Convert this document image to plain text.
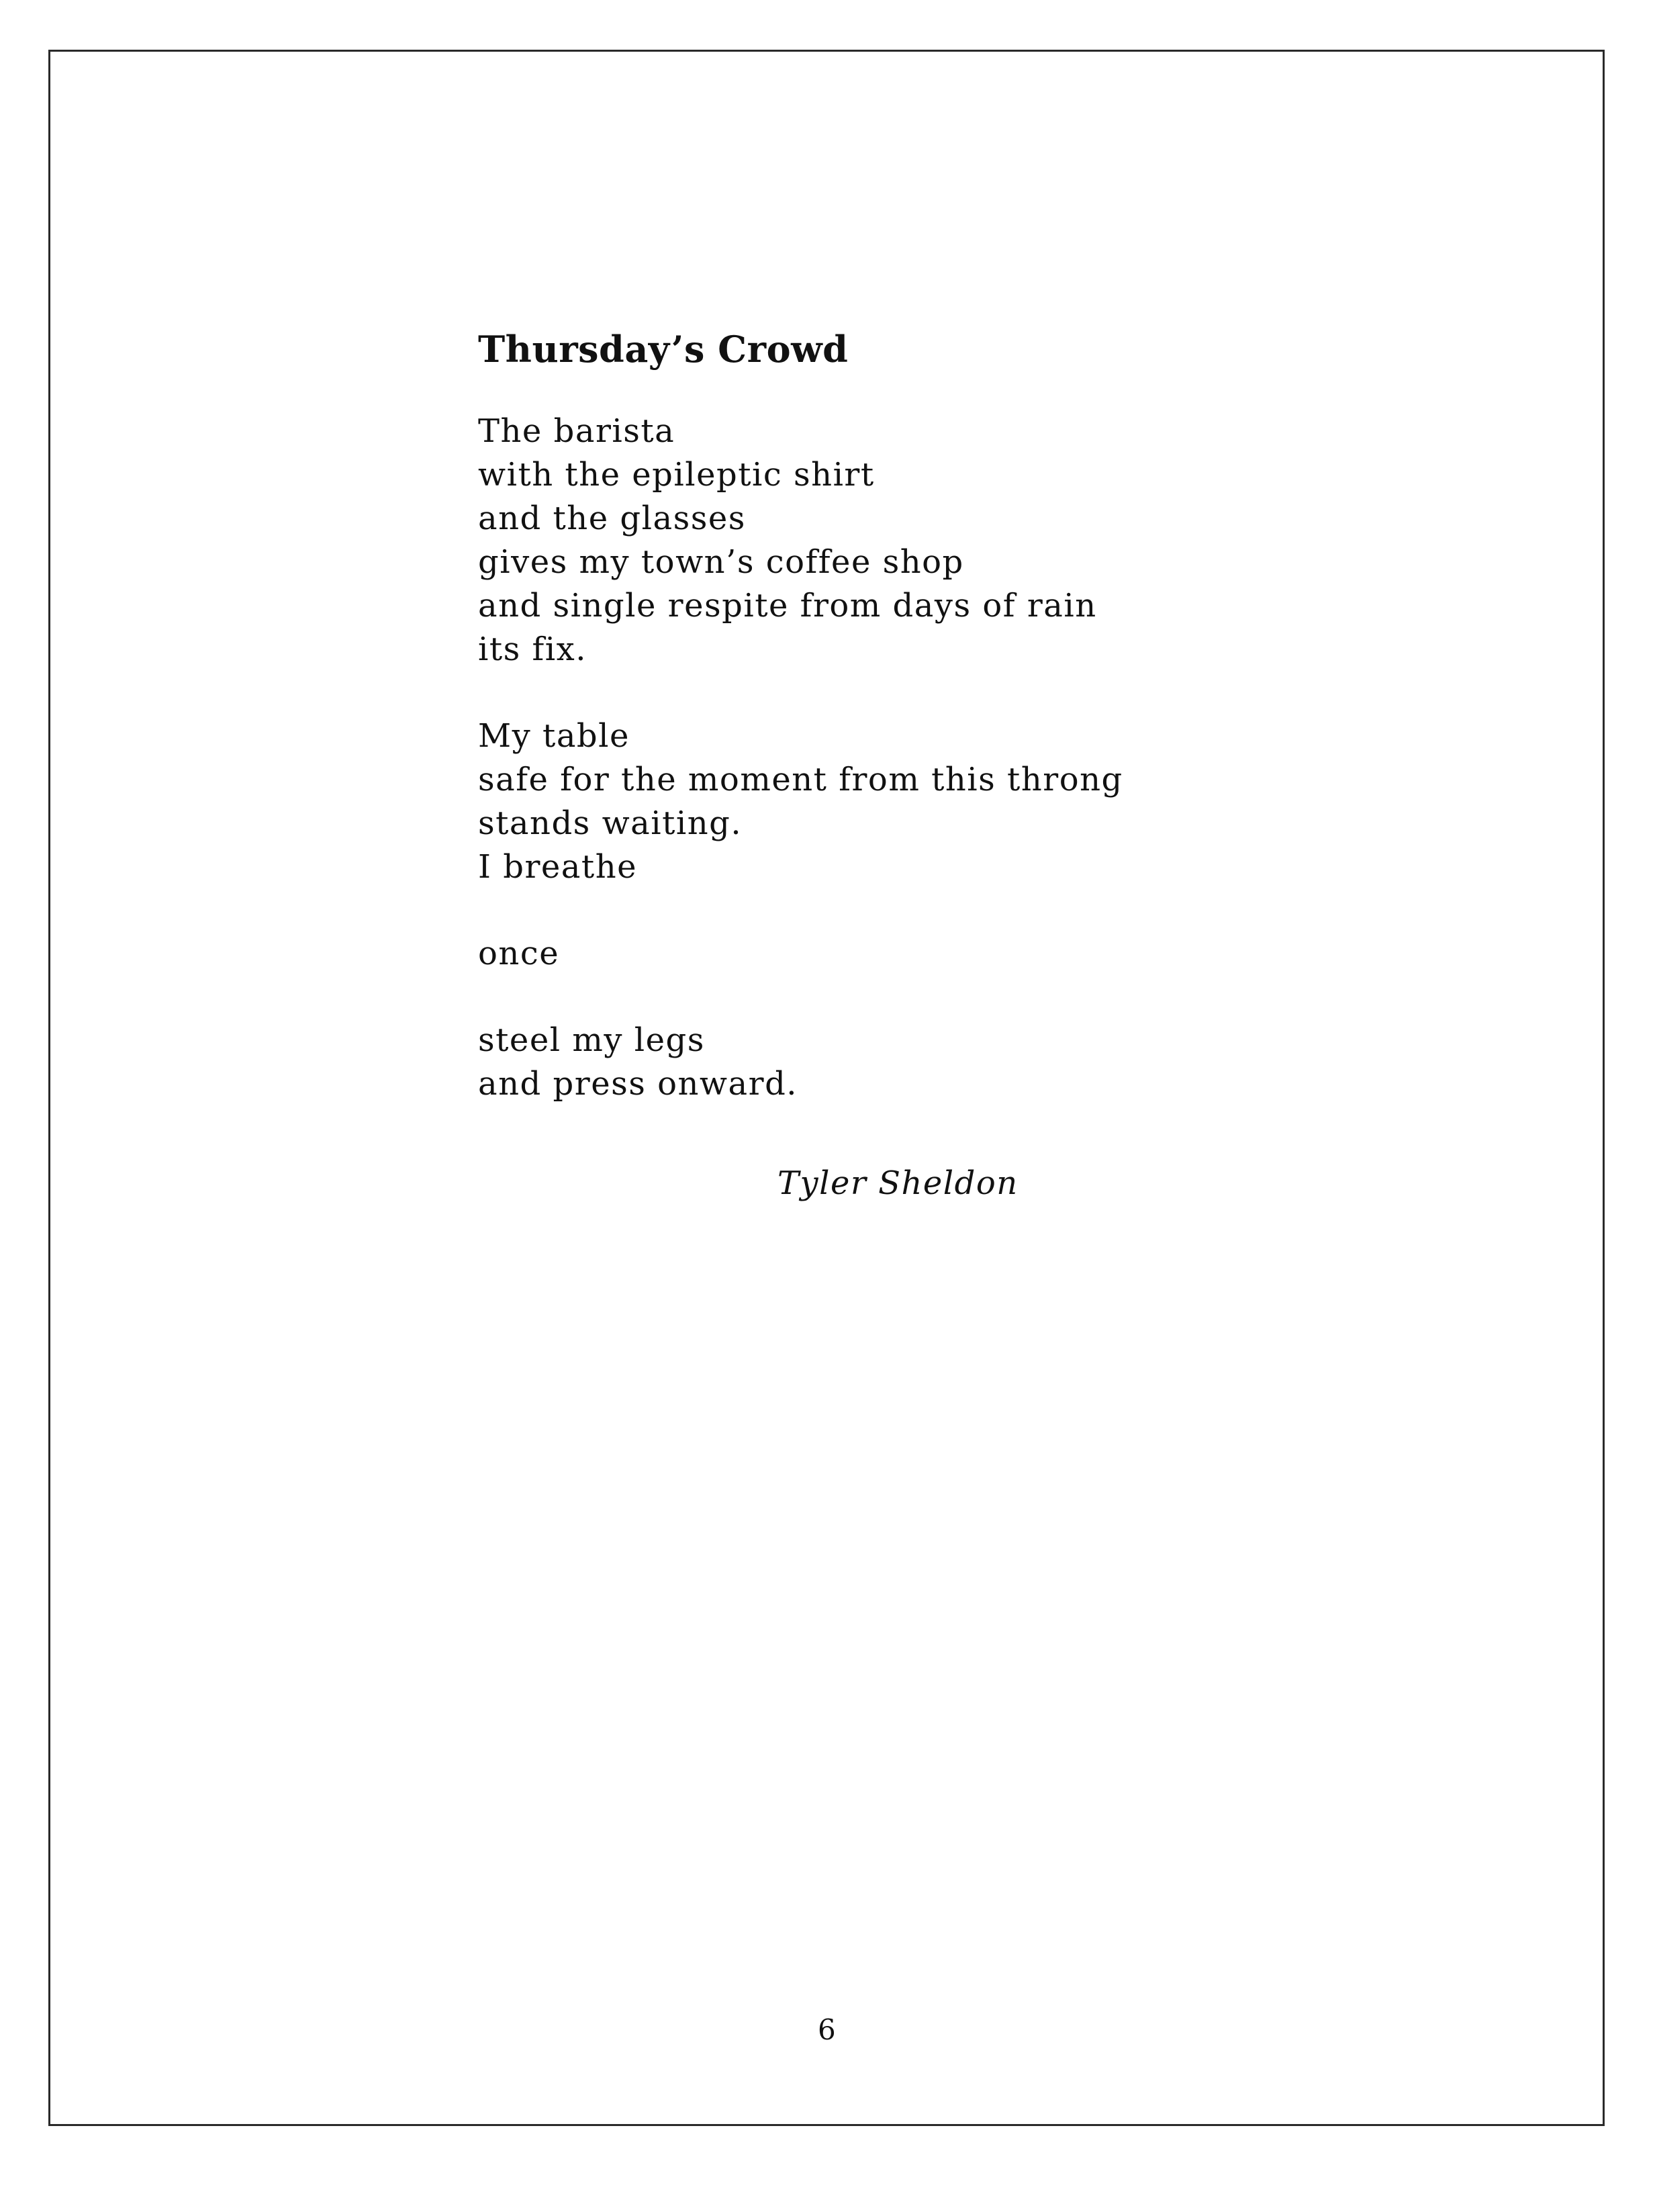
Thursday’s Crowd
The barista
with the epileptic shirt
and the glasses
gives my town’s coffee shop
and single respite from days of rain
its fix.
My table
safe for the moment from this throng
stands waiting.
I breathe
once
steel my legs
and press onward.
Tyler Sheldon
6
